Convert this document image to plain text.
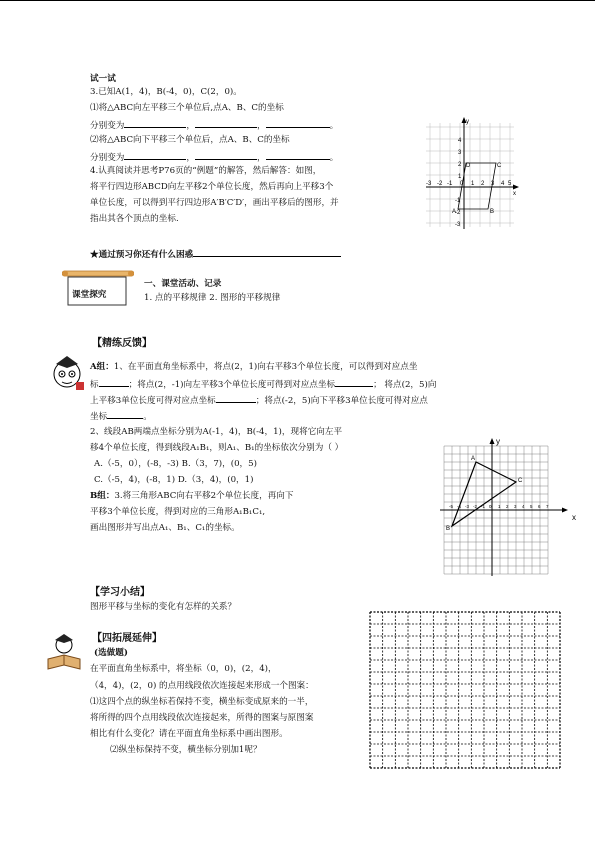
试一试
3.已知A(1，4)，B(-4，0)，C(2，0)。
⑴将△ABC向左平移三个单位后,点A、B、C的坐标
分别变为	，	，	。
⑵将△ABC向下平移三个单位后，点A、B、C的坐标
分别变为	，	，	。
4.认真阅读并思考P76页的“例题”的解答，然后解答：如图，
将平行四边形ABCD向左平移2个单位长度，然后再向上平移3个
单位长度，可以得到平行四边形A′B′C′D′，画出平移后的图形，并
指出其各个顶点的坐标.
y
x
4
3
2
1
-1
-2
-3
-3 -2 -1 0 1 2 3 4 5
A	B
C
D
★通过预习你还有什么困惑
课堂探究
一、课堂活动、记录
1. 点的平移规律 2. 图形的平移规律
【精练反馈】
A组：1、在平面直角坐标系中，将点(2，1)向右平移3个单位长度，可以得到对应点坐
标	；将点(2，-1)向左平移3个单位长度可得到对应点坐标	； 将点(2，5)向
上平移3单位长度可得对应点坐标	；将点(-2，5)向下平移3单位长度可得对应点
坐标	。
2、线段AB两端点坐标分别为A(-1，4)，B(-4，1)，现将它向左平
移4个单位长度，得到线段A₁B₁，则A₁、B₁的坐标依次分别为（ ）
A.（-5，0），(-8，-3) B.（3，7)，(0，5)
C.（-5，4)，(-8，1) D.（3，4)，(0，1)
B组：3.将三角形ABC向右平移2个单位长度，再向下
平移3个单位长度，得到对应的三角形A₁B₁C₁,
画出图形并写出点A₁、B₁、C₁的坐标。
y
x
A
B
C
-5 -4 -3 -2 -1 0 1 2 3 4 5 6 7
【学习小结】
图形平移与坐标的变化有怎样的关系？
【四拓展延伸】
(选做题)
在平面直角坐标系中，将坐标（0，0)，(2，4)，
（4，4)，(2，0) 的点用线段依次连接起来形成一个图案：
⑴这四个点的纵坐标若保持不变，横坐标变成原来的一半，
将所得的四个点用线段依次连接起来，所得的图案与原图案
相比有什么变化？请在平面直角坐标系中画出图形。
⑵纵坐标保持不变，横坐标分别加1呢？
